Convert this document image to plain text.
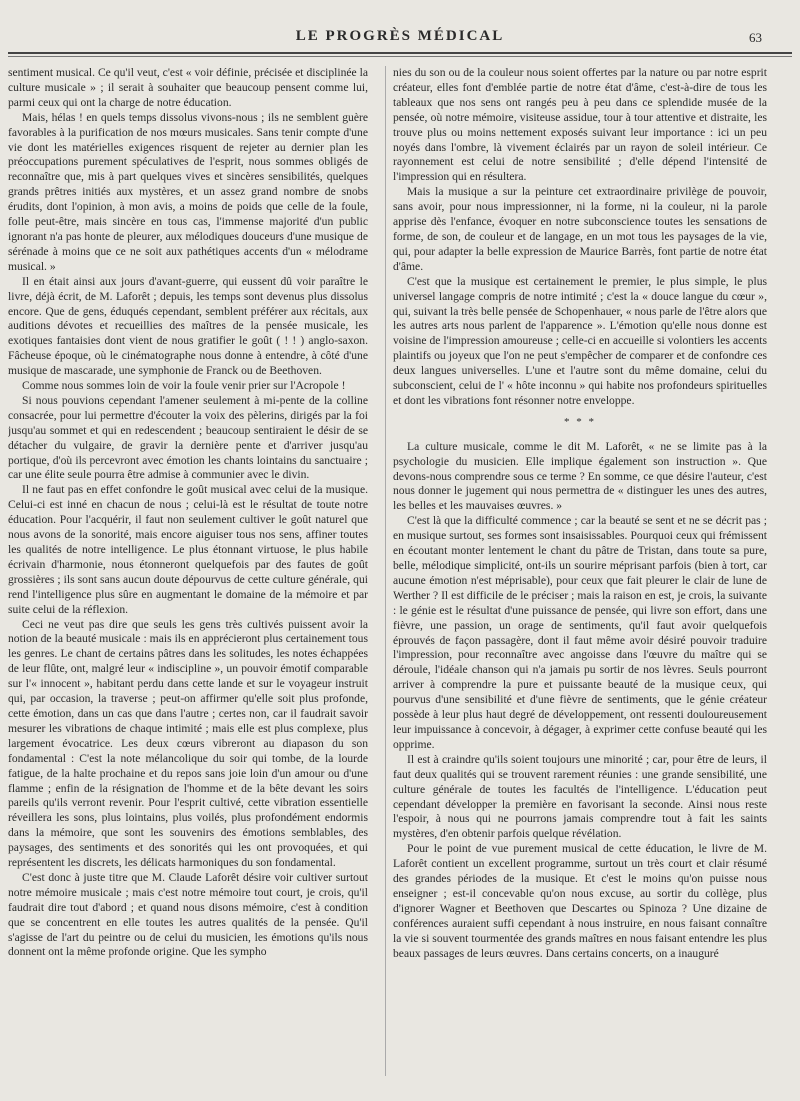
LE PROGRÈS MÉDICAL	63

sentiment musical. Ce qu'il veut, c'est « voir définie, précisée et disciplinée la culture musicale » ; il serait à souhaiter que beaucoup pensent comme lui, parmi ceux qui ont la charge de notre éducation.

Mais, hélas ! en quels temps dissolus vivons-nous ; ils ne semblent guère favorables à la purification de nos mœurs musicales. Sans tenir compte d'une vie dont les matérielles exigences risquent de rejeter au dernier plan les préoccupations purement spéculatives de l'esprit, nous sommes obligés de reconnaître que, mis à part quelques vives et sincères sensibilités, quelques grands prêtres initiés aux mystères, et un assez grand nombre de snobs érudits, dont l'opinion, à mon avis, a moins de poids que celle de la foule, folle peut-être, mais sincère en tous cas, l'immense majorité d'un public ignorant n'a pas honte de pleurer, aux mélodiques douceurs d'une musique de sérénade à moins que ce ne soit aux pathétiques accents d'un « mélodrame musical. »

Il en était ainsi aux jours d'avant-guerre, qui eussent dû voir paraître le livre, déjà écrit, de M. Laforêt ; depuis, les temps sont devenus plus dissolus encore. Que de gens, éduqués cependant, semblent préférer aux récitals, aux auditions dévotes et recueillies des maîtres de la pensée musicale, les exotiques fantaisies dont vient de nous gratifier le goût ( ! ! ) anglo-saxon. Fâcheuse époque, où le cinématographe nous donne à entendre, à côté d'une musique de mascarade, une symphonie de Franck ou de Beethoven.

Comme nous sommes loin de voir la foule venir prier sur l'Acropole !

Si nous pouvions cependant l'amener seulement à mi-pente de la colline consacrée, pour lui permettre d'écouter la voix des pèlerins, dirigés par la foi jusqu'au sommet et qui en redescendent ; beaucoup sentiraient le désir de se détacher du vulgaire, de gravir la dernière pente et d'arriver jusqu'au portique, d'où ils percevront avec émotion les chants lointains du sanctuaire ; car une élite seule pourra être admise à communier avec le divin.

Il ne faut pas en effet confondre le goût musical avec celui de la musique. Celui-ci est inné en chacun de nous ; celui-là est le résultat de toute notre éducation. Pour l'acquérir, il faut non seulement cultiver le goût naturel que nous avons de la sonorité, mais encore aiguiser tous nos sens, affiner toutes les qualités de notre intelligence. Le plus étonnant virtuose, le plus habile écrivain d'harmonie, nous étonneront quelquefois par des fautes de goût grossières ; ils sont sans aucun doute dépourvus de cette culture générale, qui rend l'intelligence plus sûre en augmentant le domaine de la mémoire et par suite celui de la réflexion.

Ceci ne veut pas dire que seuls les gens très cultivés puissent avoir la notion de la beauté musicale : mais ils en apprécieront plus certainement tous les genres. Le chant de certains pâtres dans les solitudes, les notes échappées de leur flûte, ont, malgré leur « indiscipline », un pouvoir émotif comparable sur l'« innocent », habitant perdu dans cette lande et sur le voyageur instruit qui, par occasion, la traverse ; peut-on affirmer qu'elle soit plus profonde, cette émotion, dans un cas que dans l'autre ; certes non, car il faudrait savoir mesurer les vibrations de chaque intimité ; mais elle est plus complexe, plus largement évocatrice. Les deux cœurs vibreront au diapason du son fondamental : C'est la note mélancolique du soir qui tombe, de la lourde fatigue, de la halte prochaine et du repos sans joie loin d'un amour ou d'une flamme ; enfin de la résignation de l'homme et de la bête devant les soirs pareils qu'ils verront revenir. Pour l'esprit cultivé, cette vibration essentielle réveillera les sons, plus lointains, plus voilés, plus profondément endormis dans la mémoire, que sont les souvenirs des émotions semblables, des paysages, des sentiments et des sonorités qui les ont provoquées, et qui représentent les discrets, les délicats harmoniques du son fondamental.

C'est donc à juste titre que M. Claude Laforêt désire voir cultiver surtout notre mémoire musicale ; mais c'est notre mémoire tout court, je crois, qu'il faudrait dire tout d'abord ; et quand nous disons mémoire, c'est à condition que se concentrent en elle toutes les autres qualités de la pensée. Qu'il s'agisse de l'art du peintre ou de celui du musicien, les émotions qu'ils nous donnent ont la même profonde origine. Que les sympho

nies du son ou de la couleur nous soient offertes par la nature ou par notre esprit créateur, elles font d'emblée partie de notre état d'âme, c'est-à-dire de tous les tableaux que nos sens ont rangés peu à peu dans ce splendide musée de la pensée, où notre mémoire, visiteuse assidue, tour à tour attentive et distraite, les trouve plus ou moins nettement exposés suivant leur importance : ici un peu noyés dans l'ombre, là vivement éclairés par un rayon de soleil intérieur. Ce rayonnement est celui de notre sensibilité ; d'elle dépend l'intensité de l'impression qui en résultera.

Mais la musique a sur la peinture cet extraordinaire privilège de pouvoir, sans avoir, pour nous impressionner, ni la forme, ni la couleur, ni la parole apprise dès l'enfance, évoquer en notre subconscience toutes les sensations de forme, de son, de couleur et de langage, en un mot tous les paysages de la vie, qui, pour adapter la belle expression de Maurice Barrès, font partie de notre état d'âme.

C'est que la musique est certainement le premier, le plus simple, le plus universel langage compris de notre intimité ; c'est la « douce langue du cœur », qui, suivant la très belle pensée de Schopenhauer, « nous parle de l'être alors que les autres arts nous parlent de l'apparence ». L'émotion qu'elle nous donne est voisine de l'impression amoureuse ; celle-ci en accueille si volontiers les accents plaintifs ou joyeux que l'on ne peut s'empêcher de comparer et de confondre ces deux langues universelles. L'une et l'autre sont du même domaine, celui du subconscient, celui de l' « hôte inconnu » qui habite nos profondeurs spirituelles et dont les vibrations font résonner notre enveloppe.

* * *

La culture musicale, comme le dit M. Laforêt, « ne se limite pas à la psychologie du musicien. Elle implique également son instruction ». Que devons-nous comprendre sous ce terme ? En somme, ce que désire l'auteur, c'est nous donner le jugement qui nous permettra de « distinguer les unes des autres, les belles et les mauvaises œuvres. »

C'est là que la difficulté commence ; car la beauté se sent et ne se décrit pas ; en musique surtout, ses formes sont insaisissables. Pourquoi ceux qui frémissent en écoutant monter lentement le chant du pâtre de Tristan, dans toute sa pure, belle, mélodique simplicité, ont-ils un sourire méprisant parfois (bien à tort, car aucune émotion n'est méprisable), pour ceux que fait pleurer le clair de lune de Werther ? Il est difficile de le préciser ; mais la raison en est, je crois, la suivante : le génie est le résultat d'une puissance de pensée, qui livre son effort, dans une fièvre, une passion, un orage de sentiments, qu'il faut avoir quelquefois éprouvés de façon passagère, dont il faut même avoir désiré pouvoir traduire l'impression, pour reconnaître avec angoisse dans l'œuvre du maître qui se déroule, l'idéale chanson qui n'a jamais pu sortir de nos lèvres. Seuls pourront arriver à comprendre la pure et puissante beauté de la musique ceux, qui pourvus d'une sensibilité et d'une fièvre de sentiments, que le génie créateur possède à leur plus haut degré de développement, ont ressenti douloureusement leur impuissance à concevoir, à dégager, à exprimer cette confuse beauté qui les opprime.

Il est à craindre qu'ils soient toujours une minorité ; car, pour être de leurs, il faut deux qualités qui se trouvent rarement réunies : une grande sensibilité, une culture générale de toutes les facultés de l'intelligence. L'éducation peut cependant développer la première en favorisant la seconde. Ainsi nous reste l'espoir, à nous qui ne pourrons jamais comprendre tout à fait les saints mystères, d'en obtenir parfois quelque révélation.

Pour le point de vue purement musical de cette éducation, le livre de M. Laforêt contient un excellent programme, surtout un très court et clair résumé des grandes périodes de la musique. Et c'est le moins qu'on puisse nous enseigner ; est-il concevable qu'on nous excuse, au sortir du collège, plus d'ignorer Wagner et Beethoven que Descartes ou Spinoza ? Une dizaine de conférences auraient suffi cependant à nous instruire, en nous faisant connaître la vie si souvent tourmentée des grands maîtres en nous faisant entendre les plus beaux passages de leurs œuvres. Dans certains concerts, on a inauguré
